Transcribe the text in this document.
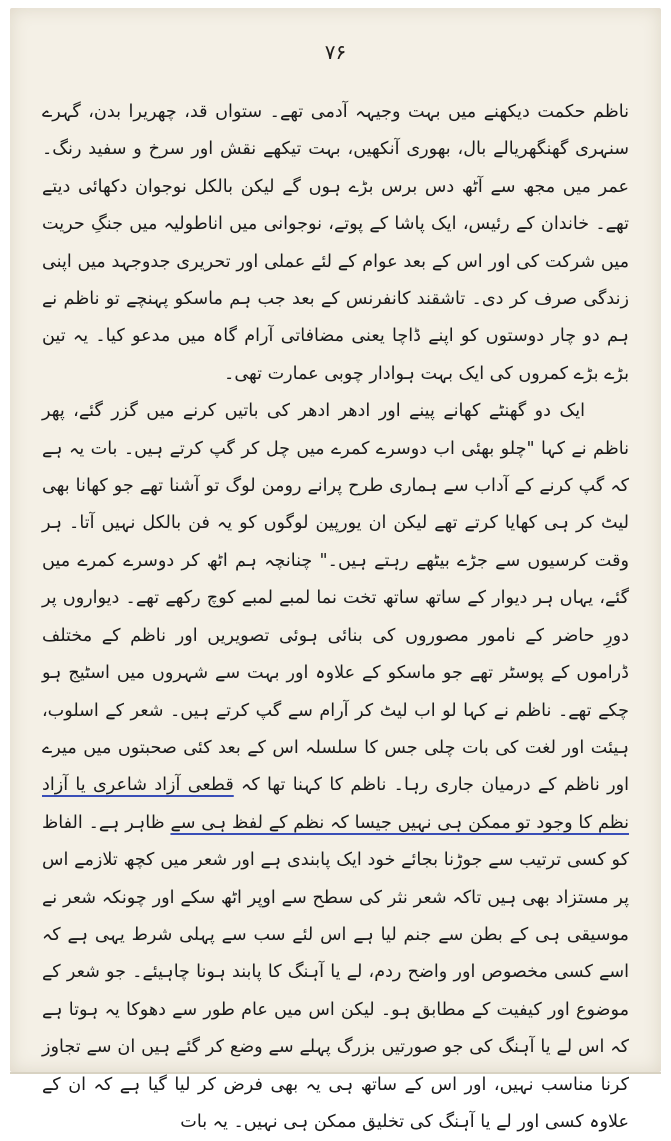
۷۶

ناظم حکمت دیکھنے میں بہت وجیہہ آدمی تھے۔ ستواں قد، چھریرا بدن، گہرے سنہری گھنگھریالے بال، بھوری آنکھیں، بہت تیکھے نقش اور سرخ و سفید رنگ۔ عمر میں مجھ سے آٹھ دس برس بڑے ہوں گے لیکن بالکل نوجوان دکھائی دیتے تھے۔ خاندان کے رئیس، ایک پاشا کے پوتے، نوجوانی میں اناطولیہ میں جنگِ حریت میں شرکت کی اور اس کے بعد عوام کے لئے عملی اور تحریری جدوجہد میں اپنی زندگی صرف کر دی۔ تاشقند کانفرنس کے بعد جب ہم ماسکو پہنچے تو ناظم نے ہم دو چار دوستوں کو اپنے ڈاچا یعنی مضافاتی آرام گاہ میں مدعو کیا۔ یہ تین بڑے بڑے کمروں کی ایک بہت ہوادار چوبی عمارت تھی۔

ایک دو گھنٹے کھانے پینے اور ادھر ادھر کی باتیں کرنے میں گزر گئے، پھر ناظم نے کہا "چلو بھئی اب دوسرے کمرے میں چل کر گپ کرتے ہیں۔ بات یہ ہے کہ گپ کرنے کے آداب سے ہماری طرح پرانے رومن لوگ تو آشنا تھے جو کھانا بھی لیٹ کر ہی کھایا کرتے تھے لیکن ان یورپین لوگوں کو یہ فن بالکل نہیں آتا۔ ہر وقت کرسیوں سے جڑے بیٹھے رہتے ہیں۔" چنانچہ ہم اٹھ کر دوسرے کمرے میں گئے، یہاں ہر دیوار کے ساتھ ساتھ تخت نما لمبے لمبے کوچ رکھے تھے۔ دیواروں پر دورِ حاضر کے نامور مصوروں کی بنائی ہوئی تصویریں اور ناظم کے مختلف ڈراموں کے پوسٹر تھے جو ماسکو کے علاوہ اور بہت سے شہروں میں اسٹیج ہو چکے تھے۔ ناظم نے کہا لو اب لیٹ کر آرام سے گپ کرتے ہیں۔ شعر کے اسلوب، ہیئت اور لغت کی بات چلی جس کا سلسلہ اس کے بعد کئی صحبتوں میں میرے اور ناظم کے درمیان جاری رہا۔ ناظم کا کہنا تھا کہ قطعی آزاد شاعری یا آزاد نظم کا وجود تو ممکن ہی نہیں جیسا کہ نظم کے لفظ ہی سے ظاہر ہے۔ الفاظ کو کسی ترتیب سے جوڑنا بجائے خود ایک پابندی ہے اور شعر میں کچھ تلازمے اس پر مستزاد بھی ہیں تاکہ شعر نثر کی سطح سے اوپر اٹھ سکے اور چونکہ شعر نے موسیقی ہی کے بطن سے جنم لیا ہے اس لئے سب سے پہلی شرط یہی ہے کہ اسے کسی مخصوص اور واضح ردم، لے یا آہنگ کا پابند ہونا چاہیئے۔ جو شعر کے موضوع اور کیفیت کے مطابق ہو۔ لیکن اس میں عام طور سے دھوکا یہ ہوتا ہے کہ اس لے یا آہنگ کی جو صورتیں بزرگ پہلے سے وضع کر گئے ہیں ان سے تجاوز کرنا مناسب نہیں، اور اس کے ساتھ ہی یہ بھی فرض کر لیا گیا ہے کہ ان کے علاوہ کسی اور لے یا آہنگ کی تخلیق ممکن ہی نہیں۔ یہ بات
